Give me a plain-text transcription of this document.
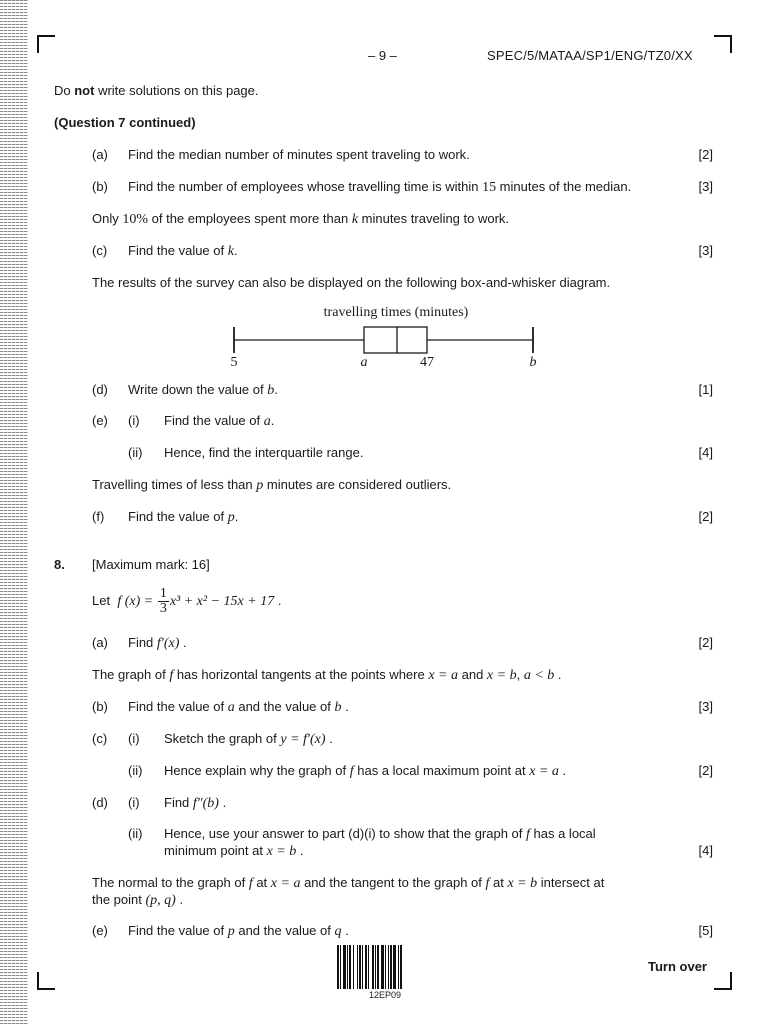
– 9 –	SPEC/5/MATAA/SP1/ENG/TZ0/XX
Do not write solutions on this page.
(Question 7 continued)
(a) Find the median number of minutes spent traveling to work.	[2]
(b) Find the number of employees whose travelling time is within 15 minutes of the median.	[3]
Only 10% of the employees spent more than k minutes traveling to work.
(c) Find the value of k.	[3]
The results of the survey can also be displayed on the following box-and-whisker diagram.
travelling times (minutes)
5	a	47	b
(d) Write down the value of b.	[1]
(e) (i) Find the value of a.
(ii) Hence, find the interquartile range.	[4]
Travelling times of less than p minutes are considered outliers.
(f) Find the value of p.	[2]
8. [Maximum mark: 16]
Let f $(x) = \frac{1}{3} x^3 + x^2 - 15x + 17$ .
(a) Find f′(x) .	[2]
The graph of f has horizontal tangents at the points where x = a and x = b, a < b .
(b) Find the value of a and the value of b .	[3]
(c) (i) Sketch the graph of y = f′(x) .
(ii) Hence explain why the graph of f has a local maximum point at x = a .	[2]
(d) (i) Find f″(b) .
(ii) Hence, use your answer to part (d)(i) to show that the graph of f has a local
minimum point at x = b .	[4]
The normal to the graph of f at x = a and the tangent to the graph of f at x = b intersect at
the point (p, q) .
(e) Find the value of p and the value of q .	[5]
12EP09
Turn over
